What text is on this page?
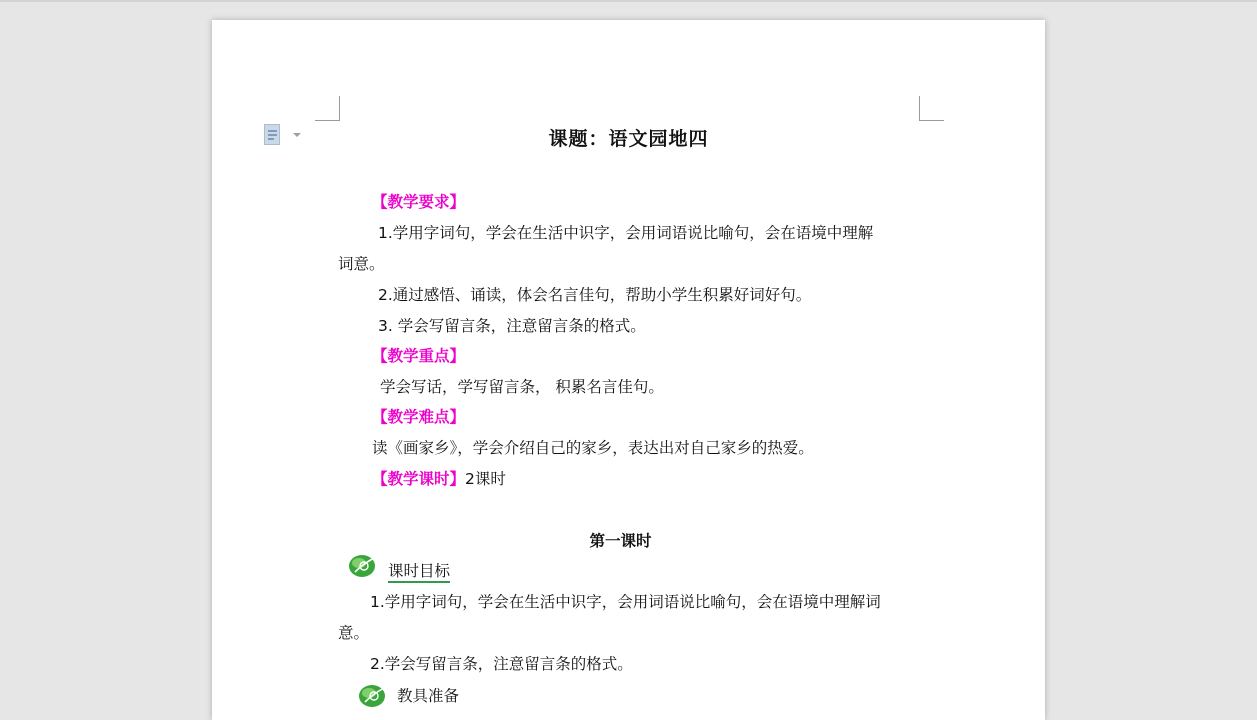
课题：语文园地四
【教学要求】
1.学用字词句，学会在生活中识字，会用词语说比喻句，会在语境中理解
词意。
2.通过感悟、诵读，体会名言佳句，帮助小学生积累好词好句。
3. 学会写留言条，注意留言条的格式。
【教学重点】
学会写话，学写留言条， 积累名言佳句。
【教学难点】
读《画家乡》，学会介绍自己的家乡，表达出对自己家乡的热爱。
【教学课时】2课时
第一课时
课时目标
1.学用字词句，学会在生活中识字，会用词语说比喻句，会在语境中理解词
意。
2.学会写留言条，注意留言条的格式。
教具准备
